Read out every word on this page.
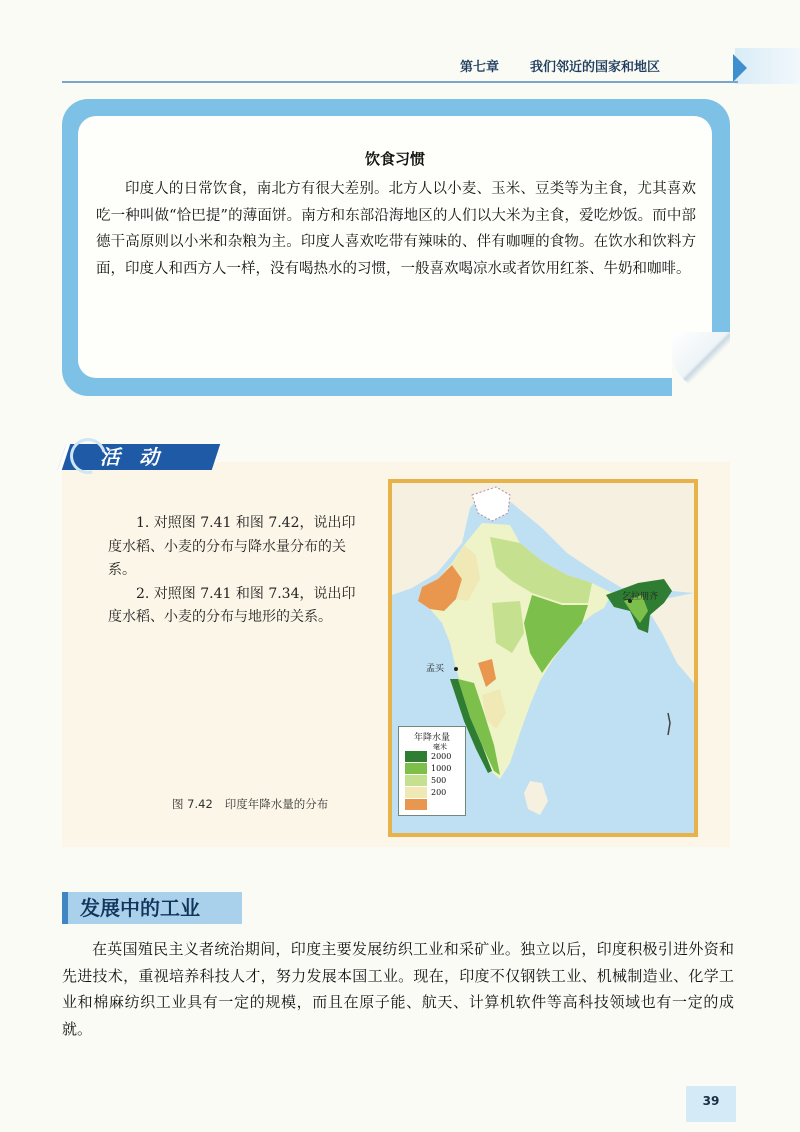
第七章 我们邻近的国家和地区
饮食习惯
印度人的日常饮食，南北方有很大差别。北方人以小麦、玉米、豆类等为主食，尤其喜欢吃一种叫做“恰巴提”的薄面饼。南方和东部沿海地区的人们以大米为主食，爱吃炒饭。而中部德干高原则以小米和杂粮为主。印度人喜欢吃带有辣味的、伴有咖喱的食物。在饮水和饮料方面，印度人和西方人一样，没有喝热水的习惯，一般喜欢喝凉水或者饮用红茶、牛奶和咖啡。
活 动

1. 对照图 7.41 和图 7.42，说出印度水稻、小麦的分布与降水量分布的关系。

2. 对照图 7.41 和图 7.34，说出印度水稻、小麦的分布与地形的关系。

乞拉朋齐
孟买
年降水量
毫米
2000
1000
500
200
图 7.42 印度年降水量的分布
发展中的工业
在英国殖民主义者统治期间，印度主要发展纺织工业和采矿业。独立以后，印度积极引进外资和先进技术，重视培养科技人才，努力发展本国工业。现在，印度不仅钢铁工业、机械制造业、化学工业和棉麻纺织工业具有一定的规模，而且在原子能、航天、计算机软件等高科技领域也有一定的成就。
39
